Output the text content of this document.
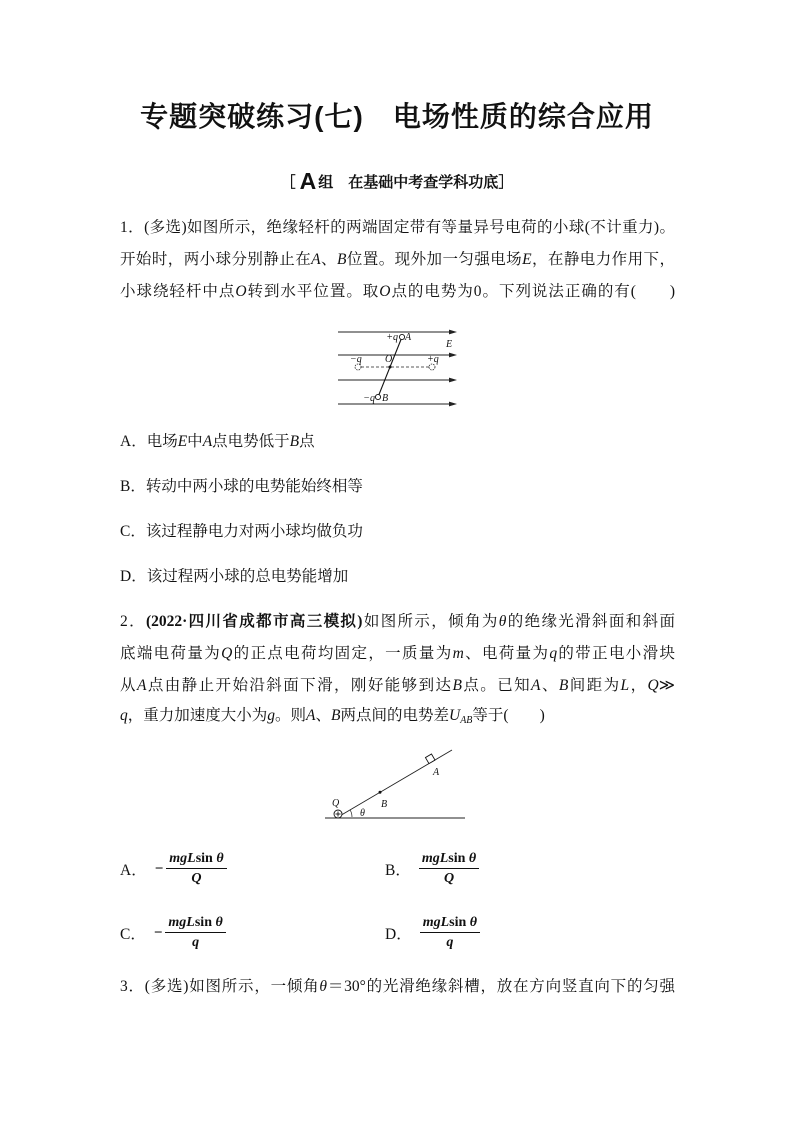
专题突破练习(七)　电场性质的综合应用
［ A 组　在基础中考查学科功底］
1．(多选)如图所示，绝缘轻杆的两端固定带有等量异号电荷的小球(不计重力)。
开始时，两小球分别静止在A、B位置。现外加一匀强电场E，在静电力作用下，
小球绕轻杆中点O转到水平位置。取O点的电势为0。下列说法正确的有(　　)
+q A
E
−q O	+q
−q B
A．电场E中A点电势低于B点
B．转动中两小球的电势能始终相等
C．该过程静电力对两小球均做负功
D．该过程两小球的总电势能增加
2．(2022·四川省成都市高三模拟)如图所示，倾角为θ的绝缘光滑斜面和斜面
底端电荷量为Q的正点电荷均固定，一质量为m、电荷量为q的带正电小滑块
从A点由静止开始沿斜面下滑，刚好能够到达B点。已知A、B间距为L，Q≫
q，重力加速度大小为g。则A、B两点间的电势差$U_{AB}$等于(　　)
A
B
Q
θ
A． − $\frac{\text{mgLsin θ}}{Q}$	B． $\frac{\text{mgLsin θ}}{Q}$
C． − $\frac{\text{mgLsin θ}}{q}$	D． $\frac{\text{mgLsin θ}}{q}$
3．(多选)如图所示，一倾角θ＝30°的光滑绝缘斜槽，放在方向竖直向下的匀强
